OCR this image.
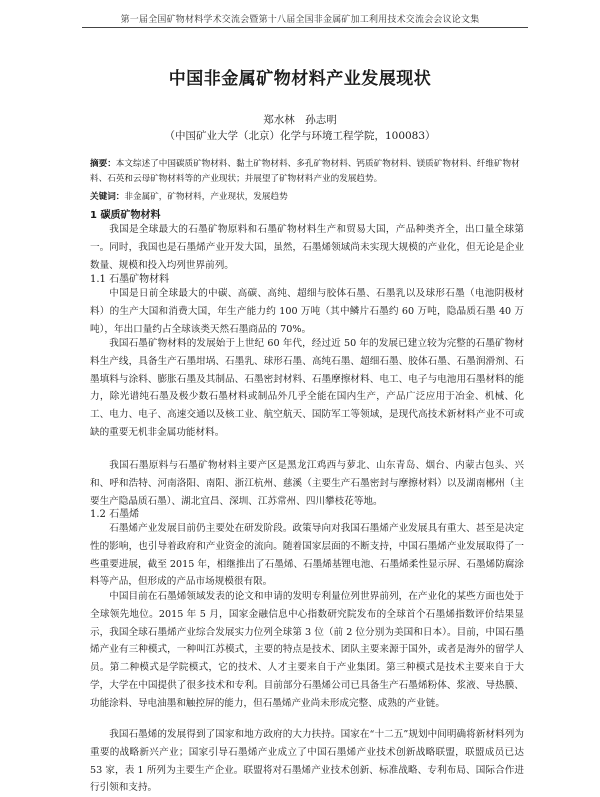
第一届全国矿物材料学术交流会暨第十八届全国非金属矿加工利用技术交流会会议论文集
中国非金属矿物材料产业发展现状
郑水林　孙志明
（中国矿业大学（北京）化学与环境工程学院，100083）
摘要：本文综述了中国碳质矿物材料、黏土矿物材料、多孔矿物材料、钙质矿物材料、镁质矿物材料、纤维矿物材料、石英和云母矿物材料等的产业现状；并展望了矿物材料产业的发展趋势。
关键词：非金属矿，矿物材料，产业现状，发展趋势
1 碳质矿物材料
我国是全球最大的石墨矿物原料和石墨矿物材料生产和贸易大国，产品种类齐全，出口量全球第一。同时，我国也是石墨烯产业开发大国，虽然，石墨烯领域尚未实现大规模的产业化，但无论是企业数量、规模和投入均列世界前列。
1.1 石墨矿物材料
中国是日前全球最大的中碳、高碳、高纯、超细与胶体石墨、石墨乳以及球形石墨（电池阴极材料）的生产大国和消费大国，年生产能力约 100 万吨（其中鳞片石墨约 60 万吨，隐晶质石墨 40 万吨），年出口量约占全球该类天然石墨商品的 70%。
我国石墨矿物材料的发展始于上世纪 60 年代，经过近 50 年的发展已建立较为完整的石墨矿物材料生产线，具备生产石墨坩埚、石墨乳、球形石墨、高纯石墨、超细石墨、胶体石墨、石墨润滑剂、石墨填料与涂料、膨胀石墨及其制品、石墨密封材料、石墨摩擦材料、电工、电子与电池用石墨材料的能力，除光谱纯石墨及极少数石墨材料或制品外几乎全能在国内生产，产品广泛应用于冶金、机械、化工、电力、电子、高速交通以及核工业、航空航天、国防军工等领域，是现代高技术新材料产业不可或缺的重要无机非金属功能材料。
我国石墨原料与石墨矿物材料主要产区是黑龙江鸡西与萝北、山东青岛、烟台、内蒙古包头、兴和、呼和浩特、河南洛阳、南阳、浙江杭州、慈溪（主要生产石墨密封与摩擦材料）以及湖南郴州（主要生产隐晶质石墨）、湖北宜昌、深圳、江苏常州、四川攀枝花等地。
1.2 石墨烯
石墨烯产业发展目前仍主要处在研发阶段。政策导向对我国石墨烯产业发展具有重大、甚至是决定性的影响，也引导着政府和产业资金的流向。随着国家层面的不断支持，中国石墨烯产业发展取得了一些重要进展，截至 2015 年，相继推出了石墨烯、石墨烯基锂电池、石墨烯柔性显示屏、石墨烯防腐涂料等产品，但形成的产品市场规模很有限。
中国目前在石墨烯领域发表的论文和申请的发明专利量位列世界前列，在产业化的某些方面也处于全球领先地位。2015 年 5 月，国家金融信息中心指数研究院发布的全球首个石墨烯指数评价结果显示，我国全球石墨烯产业综合发展实力位列全球第 3 位（前 2 位分别为美国和日本）。目前，中国石墨烯产业有三种模式，一种叫江苏模式，主要的特点是技术、团队主要来源于国外，或者是海外的留学人员。第二种模式是学院模式，它的技术、人才主要来自于产业集团。第三种模式是技术主要来自于大学，大学在中国提供了很多技术和专利。目前部分石墨烯公司已具备生产石墨烯粉体、浆液、导热膜、功能涂料、导电油墨和触控屏的能力，但石墨烯产业尚未形成完整、成熟的产业链。
我国石墨烯的发展得到了国家和地方政府的大力扶持。国家在“十二五”规划中间明确将新材料列为重要的战略新兴产业；国家引导石墨烯产业成立了中国石墨烯产业技术创新战略联盟，联盟成员已达 53 家，表 1 所列为主要生产企业。联盟将对石墨烯产业技术创新、标准战略、专利布局、国际合作进行引领和支持。
